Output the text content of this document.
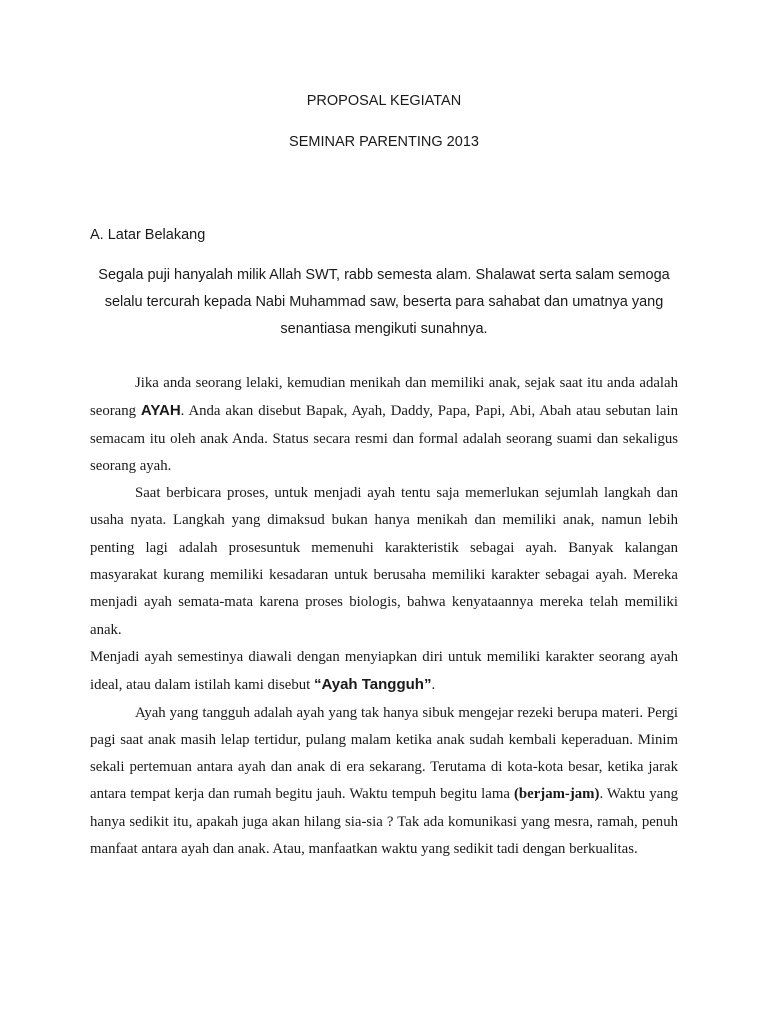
PROPOSAL KEGIATAN
SEMINAR PARENTING 2013
A. Latar Belakang

Segala puji hanyalah milik Allah SWT, rabb semesta alam. Shalawat serta salam semoga selalu tercurah kepada Nabi Muhammad saw, beserta para sahabat dan umatnya yang senantiasa mengikuti sunahnya.

Jika anda seorang lelaki, kemudian menikah dan memiliki anak, sejak saat itu anda adalah seorang AYAH. Anda akan disebut Bapak, Ayah, Daddy, Papa, Papi, Abi, Abah atau sebutan lain semacam itu oleh anak Anda. Status secara resmi dan formal adalah seorang suami dan sekaligus seorang ayah.

Saat berbicara proses, untuk menjadi ayah tentu saja memerlukan sejumlah langkah dan usaha nyata. Langkah yang dimaksud bukan hanya menikah dan memiliki anak, namun lebih penting lagi adalah prosesuntuk memenuhi karakteristik sebagai ayah. Banyak kalangan masyarakat kurang memiliki kesadaran untuk berusaha memiliki karakter sebagai ayah. Mereka menjadi ayah semata-mata karena proses biologis, bahwa kenyataannya mereka telah memiliki anak.

Menjadi ayah semestinya diawali dengan menyiapkan diri untuk memiliki karakter seorang ayah ideal, atau dalam istilah kami disebut “Ayah Tangguh”.

Ayah yang tangguh adalah ayah yang tak hanya sibuk mengejar rezeki berupa materi. Pergi pagi saat anak masih lelap tertidur, pulang malam ketika anak sudah kembali keperaduan. Minim sekali pertemuan antara ayah dan anak di era sekarang. Terutama di kota-kota besar, ketika jarak antara tempat kerja dan rumah begitu jauh. Waktu tempuh begitu lama (berjam-jam). Waktu yang hanya sedikit itu, apakah juga akan hilang sia-sia ? Tak ada komunikasi yang mesra, ramah, penuh manfaat antara ayah dan anak. Atau, manfaatkan waktu yang sedikit tadi dengan berkualitas.
